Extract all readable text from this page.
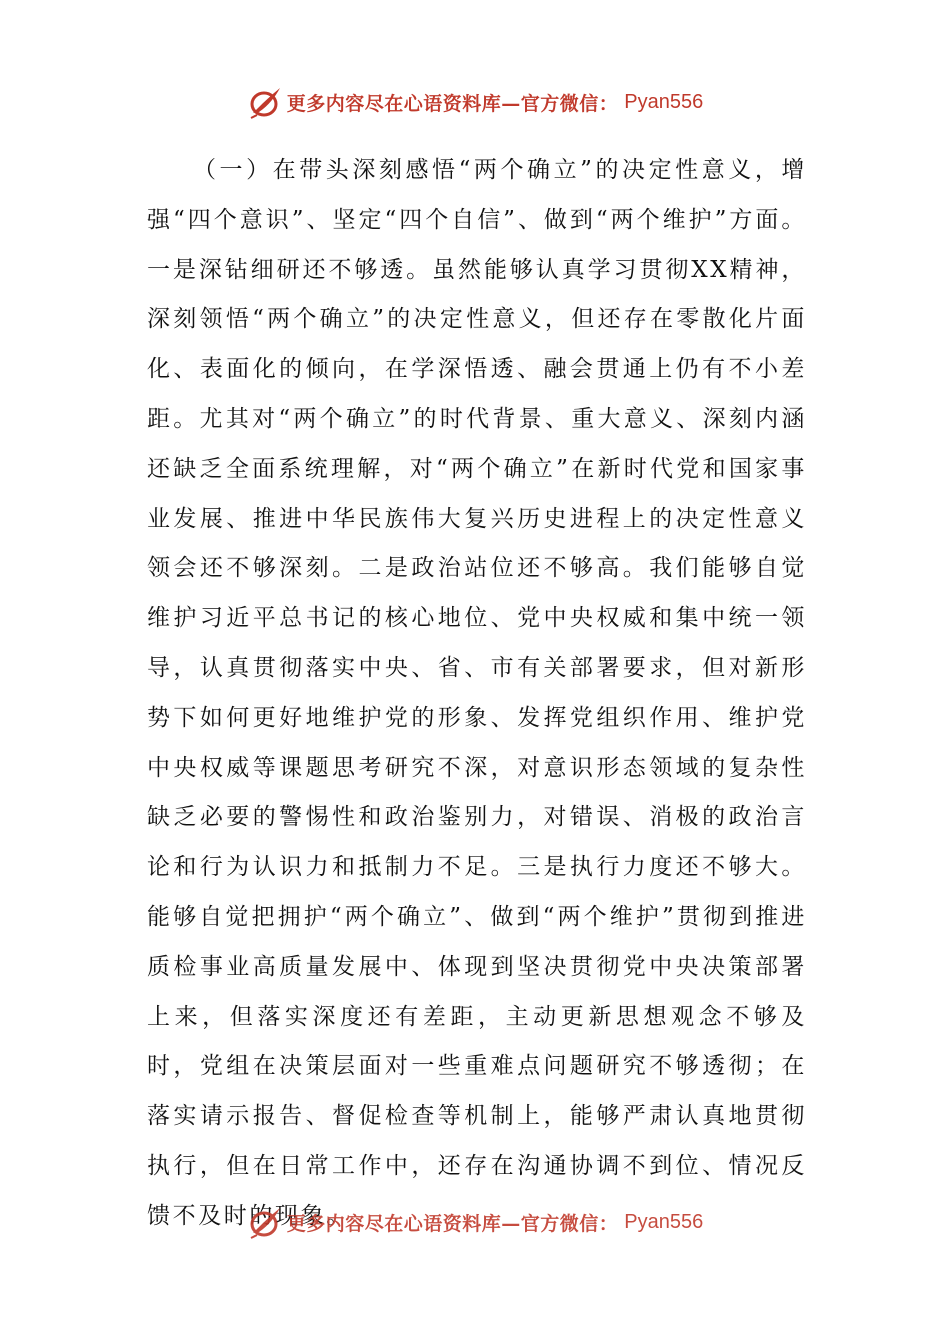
更多内容尽在心语资料库—官方微信： Pyan556

（一）在带头深刻感悟“两个确立”的决定性意义，增强“四个意识”、坚定“四个自信”、做到“两个维护”方面。一是深钻细研还不够透。虽然能够认真学习贯彻XX精神，深刻领悟“两个确立”的决定性意义，但还存在零散化片面化、表面化的倾向，在学深悟透、融会贯通上仍有不小差距。尤其对“两个确立”的时代背景、重大意义、深刻内涵还缺乏全面系统理解，对“两个确立”在新时代党和国家事业发展、推进中华民族伟大复兴历史进程上的决定性意义领会还不够深刻。二是政治站位还不够高。我们能够自觉维护习近平总书记的核心地位、党中央权威和集中统一领导，认真贯彻落实中央、省、市有关部署要求，但对新形势下如何更好地维护党的形象、发挥党组织作用、维护党中央权威等课题思考研究不深，对意识形态领域的复杂性缺乏必要的警惕性和政治鉴别力，对错误、消极的政治言论和行为认识力和抵制力不足。三是执行力度还不够大。能够自觉把拥护“两个确立”、做到“两个维护”贯彻到推进质检事业高质量发展中、体现到坚决贯彻党中央决策部署上来，但落实深度还有差距，主动更新思想观念不够及时，党组在决策层面对一些重难点问题研究不够透彻；在落实请示报告、督促检查等机制上，能够严肃认真地贯彻执行，但在日常工作中，还存在沟通协调不到位、情况反馈不及时的现象。

更多内容尽在心语资料库—官方微信： Pyan556
